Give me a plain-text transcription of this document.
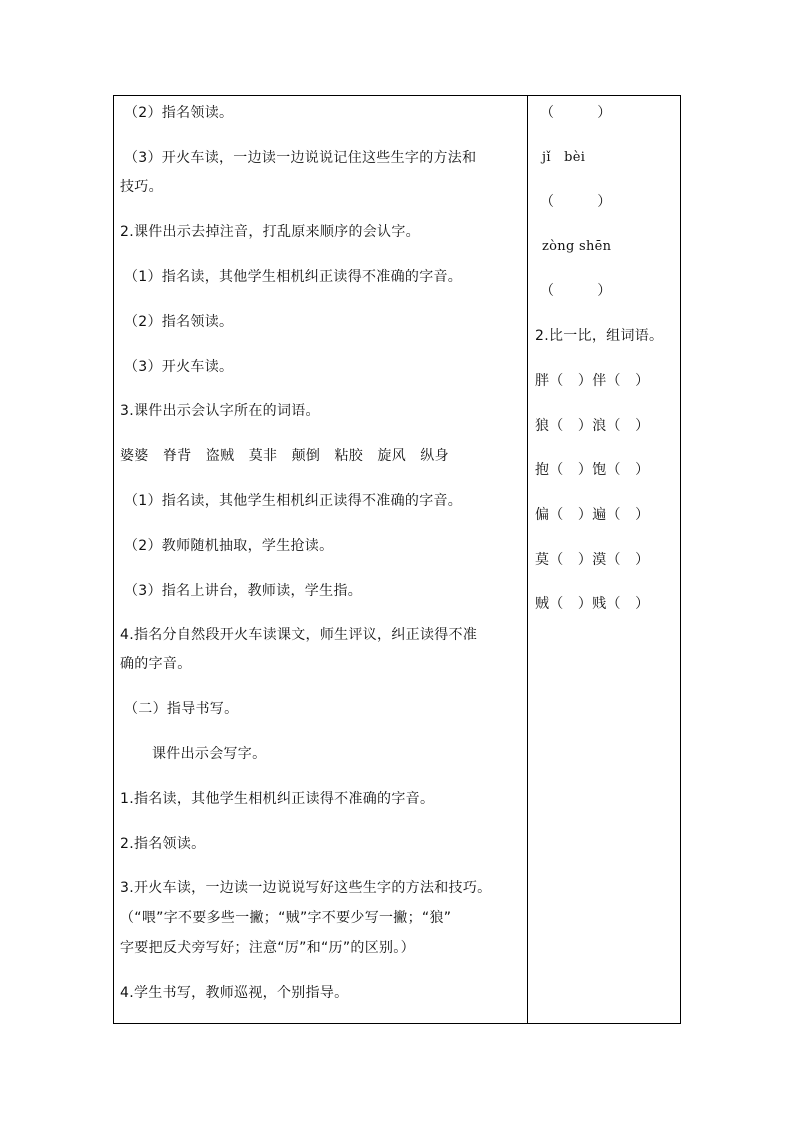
（2）指名领读。
（3）开火车读，一边读一边说说记住这些生字的方法和
技巧。
2.课件出示去掉注音，打乱原来顺序的会认字。
（1）指名读，其他学生相机纠正读得不准确的字音。
（2）指名领读。
（3）开火车读。
3.课件出示会认字所在的词语。
婆婆　脊背　盗贼　莫非　颠倒　粘胶　旋风　纵身
（1）指名读，其他学生相机纠正读得不准确的字音。
（2）教师随机抽取，学生抢读。
（3）指名上讲台，教师读，学生指。
4.指名分自然段开火车读课文，师生评议，纠正读得不准
确的字音。
（二）指导书写。
课件出示会写字。
1.指名读，其他学生相机纠正读得不准确的字音。
2.指名领读。
3.开火车读，一边读一边说说写好这些生字的方法和技巧。
（“喂”字不要多些一撇；“贼”字不要少写一撇；“狼”
字要把反犬旁写好；注意“厉”和“历”的区别。）
4.学生书写，教师巡视，个别指导。
（　　　）
jǐ　bèi
（　　　）
zòng shēn
（　　　）
2.比一比，组词语。
胖（　）伴（　）
狼（　）浪（　）
抱（　）饱（　）
偏（　）遍（　）
莫（　）漠（　）
贼（　）贱（　）
